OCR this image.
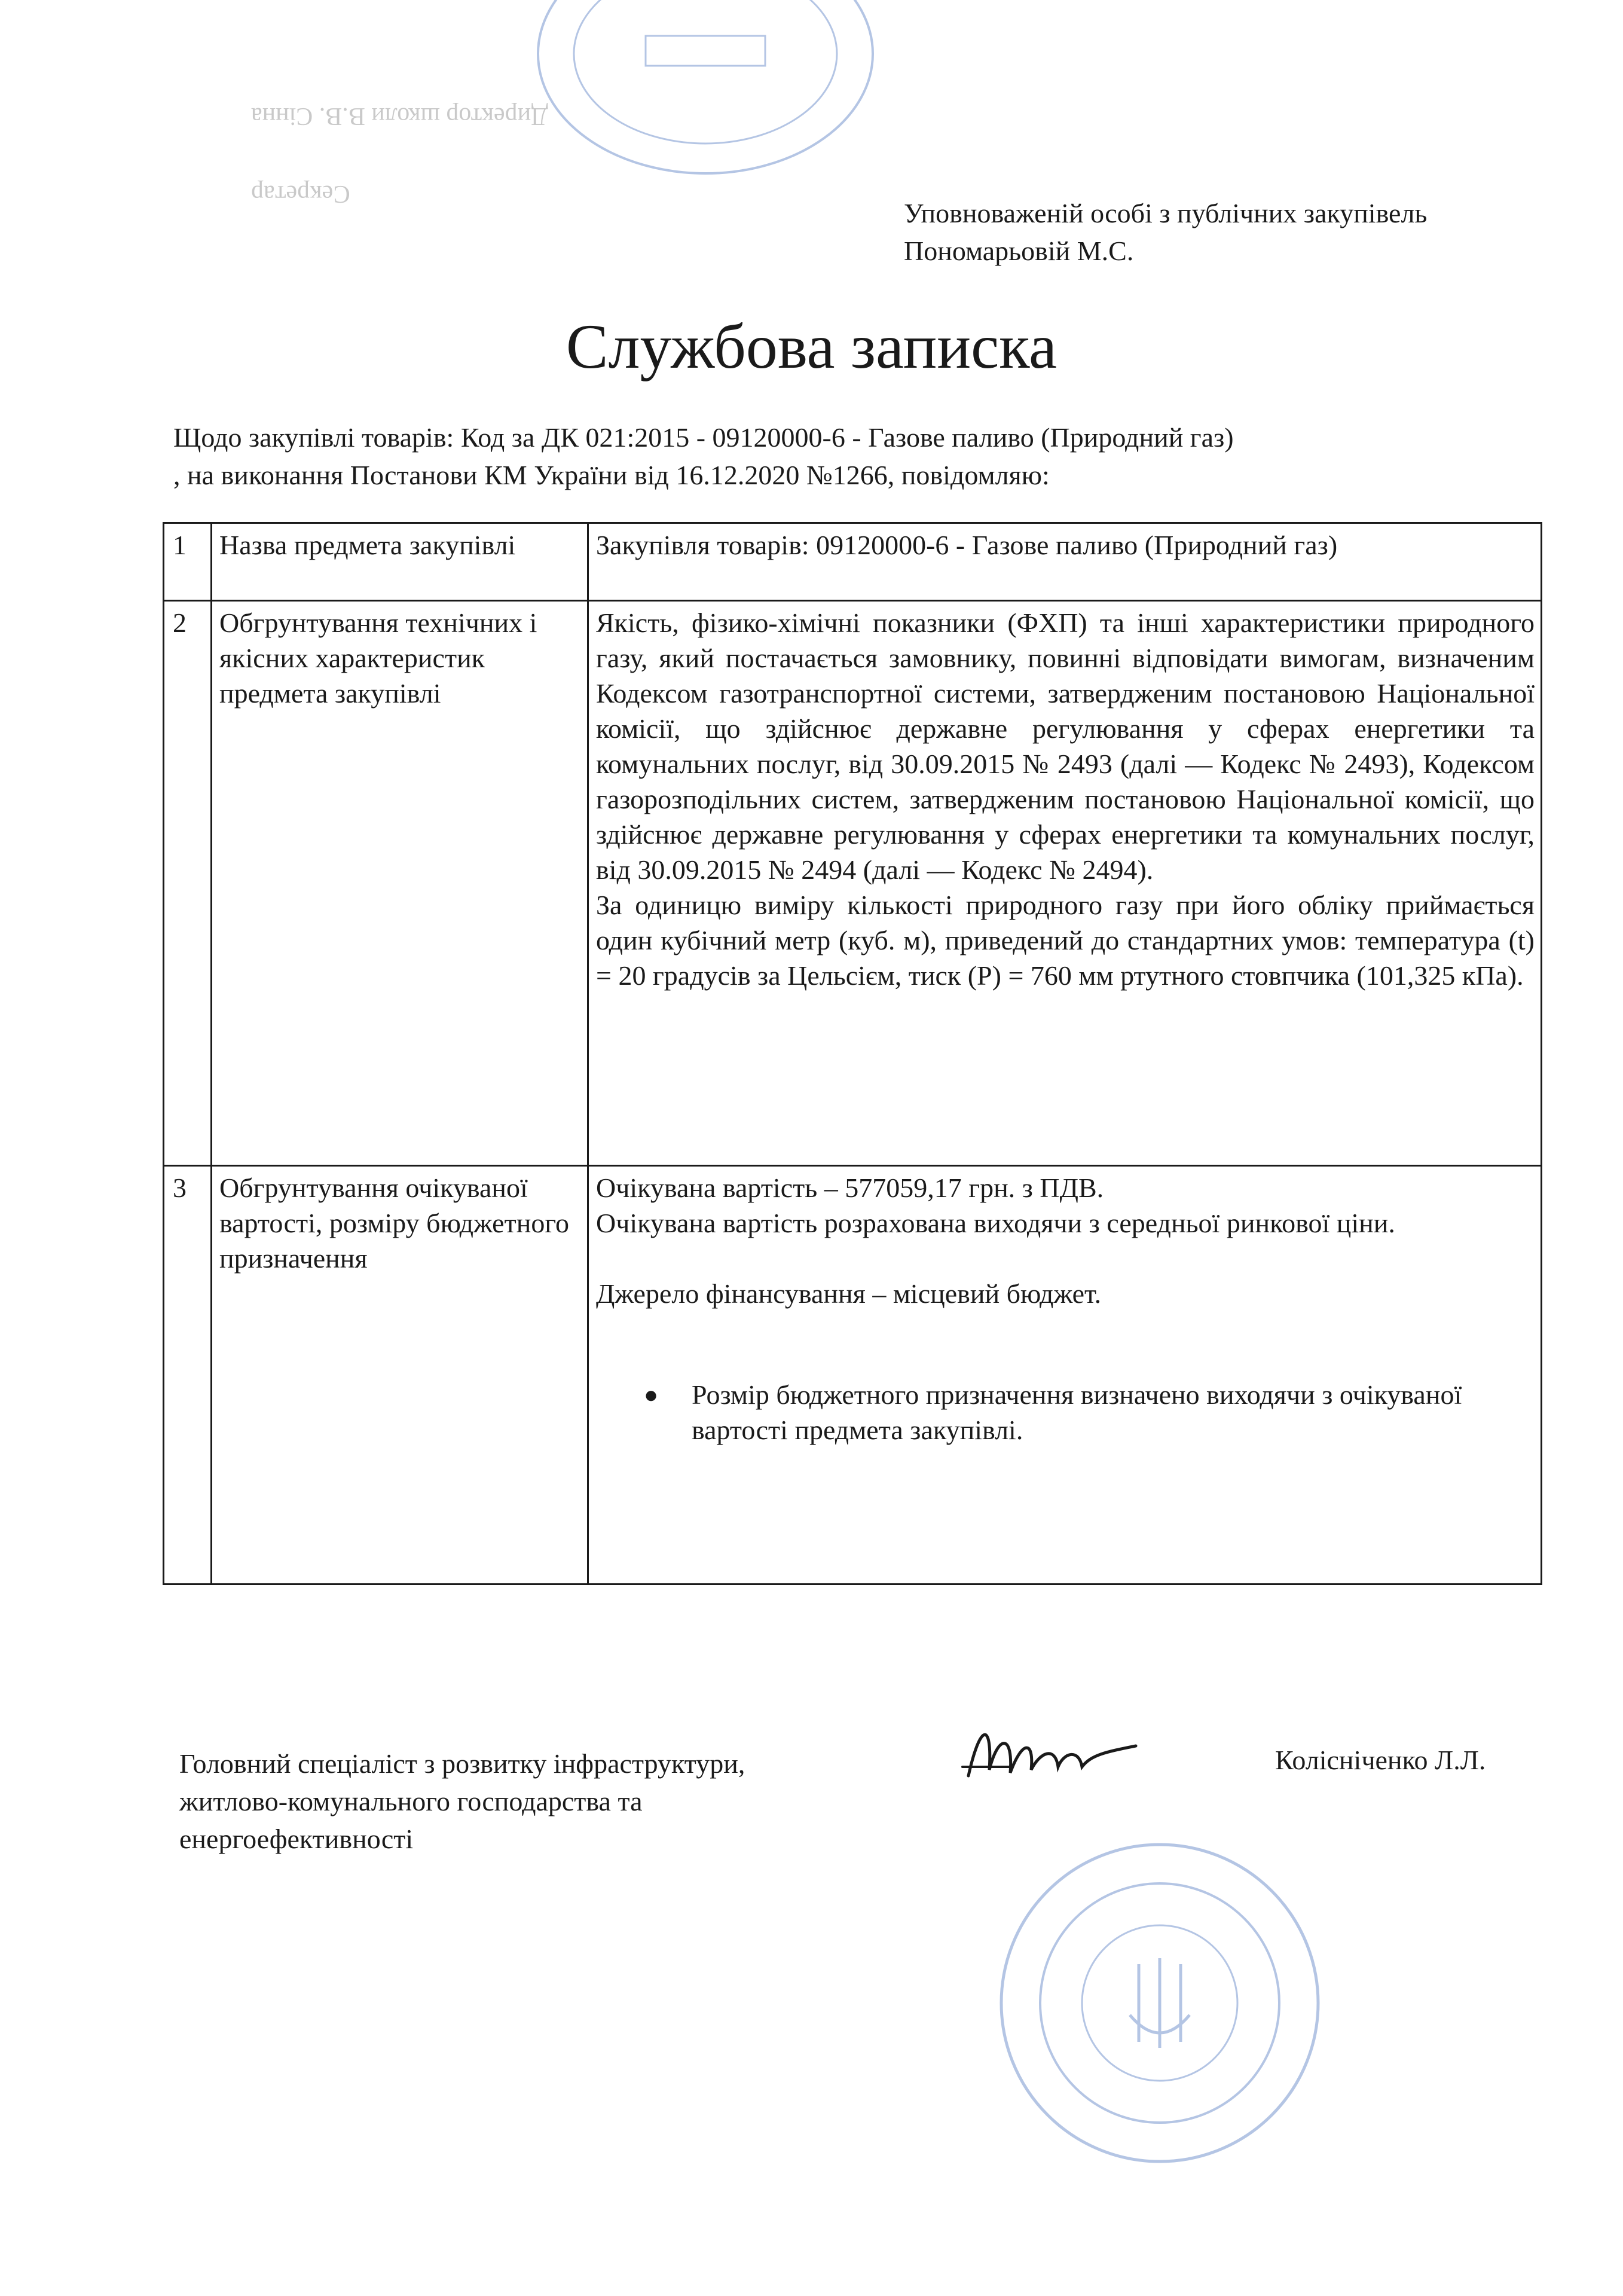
Директор школи В.В. Сінна
Секретар
Уповноваженій особі з публічних закупівель
Пономарьовій М.С.
Службова записка
Щодо закупівлі товарів: Код за ДК 021:2015 - 09120000-6 - Газове паливо (Природний газ)
, на виконання Постанови КМ України від 16.12.2020 №1266, повідомляю:
1	Назва предмета закупівлі	Закупівля товарів: 09120000-6 - Газове паливо (Природний газ)

2	Обгрунтування технічних і якісних характеристик предмета закупівлі	Якість, фізико-хімічні показники (ФХП) та інші характеристики природного газу, який постачається замовнику, повинні відповідати вимогам, визначеним Кодексом газотранспортної системи, затвердженим постановою Національної комісії, що здійснює державне регулювання у сферах енергетики та комунальних послуг, від 30.09.2015 № 2493 (далі — Кодекс № 2493), Кодексом газорозподільних систем, затвердженим постановою Національної комісії, що здійснює державне регулювання у сферах енергетики та комунальних послуг, від 30.09.2015 № 2494 (далі — Кодекс № 2494).

За одиницю виміру кількості природного газу при його обліку приймається один кубічний метр (куб. м), приведений до стандартних умов: температура (t) = 20 градусів за Цельсієм, тиск (Р) = 760 мм ртутного стовпчика (101,325 кПа).

3	Обгрунтування очікуваної вартості, розміру бюджетного призначення	Очікувана вартість – 577059,17 грн. з ПДВ.

Очікувана вартість розрахована виходячи з середньої ринкової ціни.

Джерело фінансування – місцевий бюджет.

● Розмір бюджетного призначення визначено виходячи з очікуваної вартості предмета закупівлі.
Головний спеціаліст з розвитку інфраструктури,
житлово-комунального господарства та
енергоефективності
Колісніченко Л.Л.
